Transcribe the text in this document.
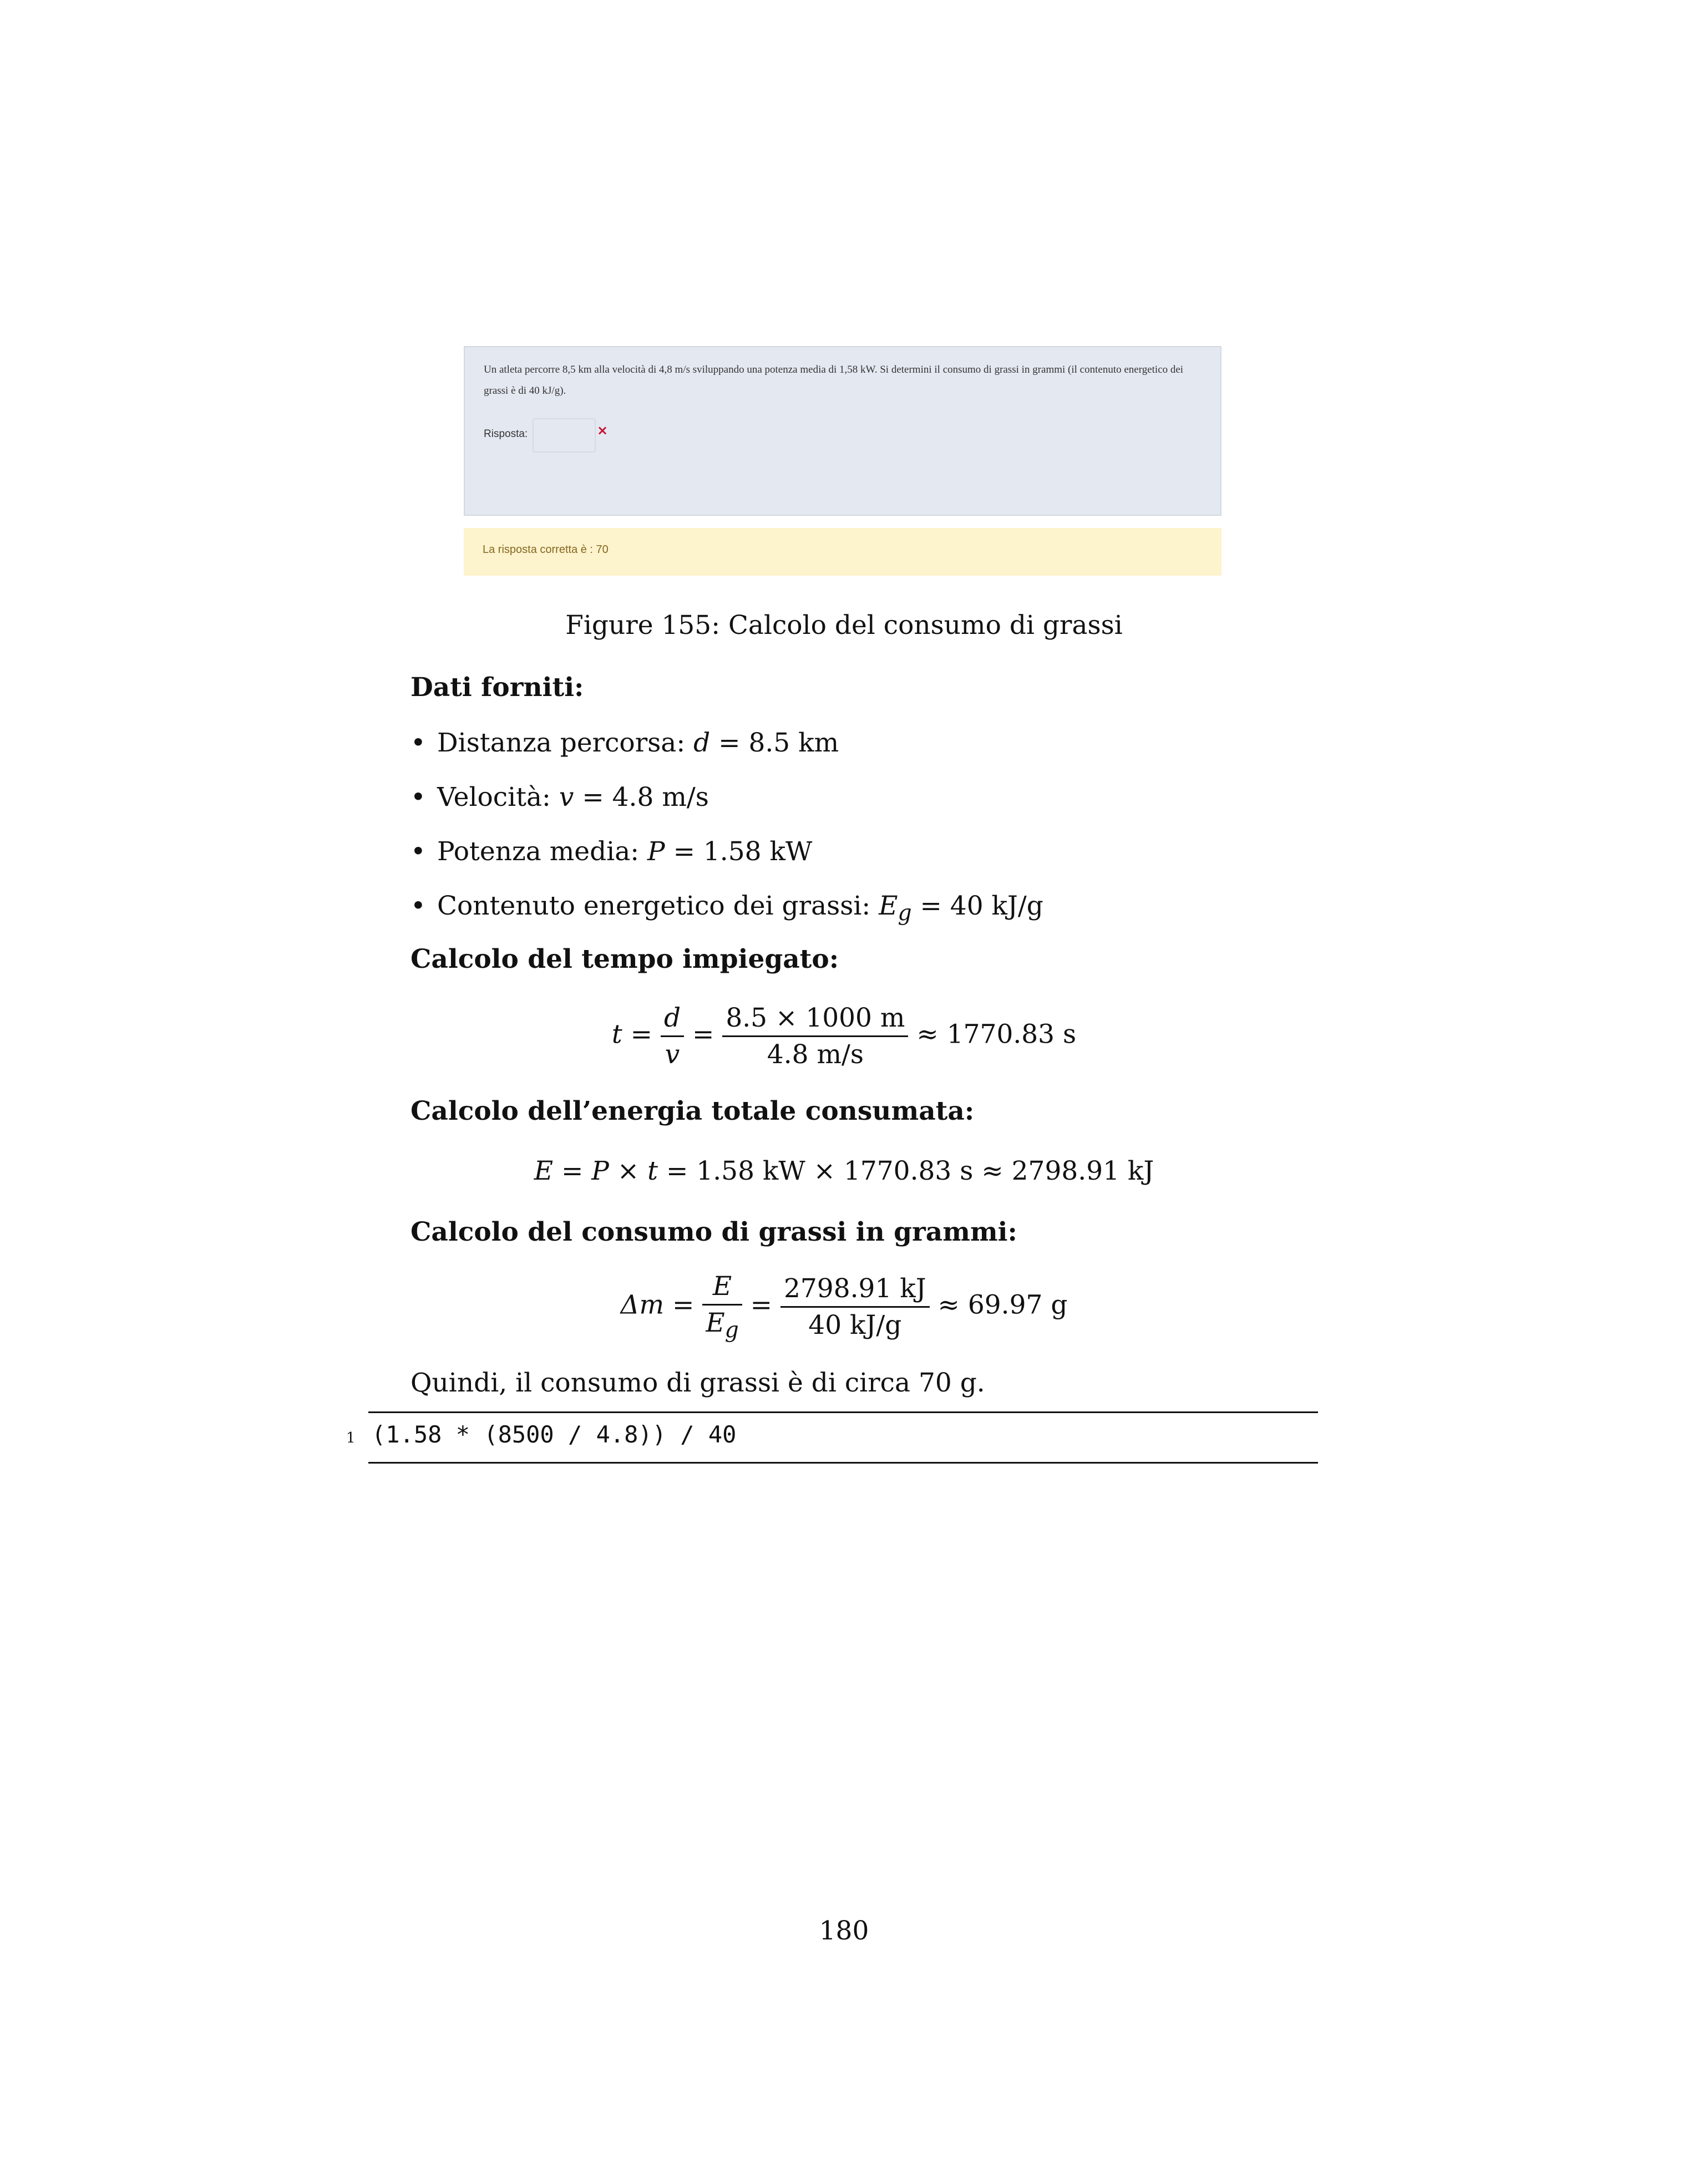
Un atleta percorre 8,5 km alla velocità di 4,8 m/s sviluppando una potenza media di 1,58 kW. Si determini il consumo di grassi in grammi (il contenuto energetico dei grassi è di 40 kJ/g).
Risposta:	×
La risposta corretta è : 70
Figure 155: Calcolo del consumo di grassi
Dati forniti:
• Distanza percorsa: d = 8.5 km
• Velocità: v = 4.8 m/s
• Potenza media: P = 1.58 kW
• Contenuto energetico dei grassi: $E_g = 40$ kJ/g
Calcolo del tempo impiegato:
$t = \frac{d}{v} = \frac{8.5 \times 1000 m}{4.8 m/s} \approx 1770.83$ s
Calcolo dell’energia totale consumata:
E = P × t = 1.58 kW × 1770.83 s ≈ 2798.91 kJ
Calcolo del consumo di grassi in grammi:
$\Delta m = \frac{E}{E_g} = \frac{2798.91 kJ}{40 kJ/g} \approx 69.97$ g
Quindi, il consumo di grassi è di circa 70 g.
1 (1.58 * (8500 / 4.8)) / 40
180
